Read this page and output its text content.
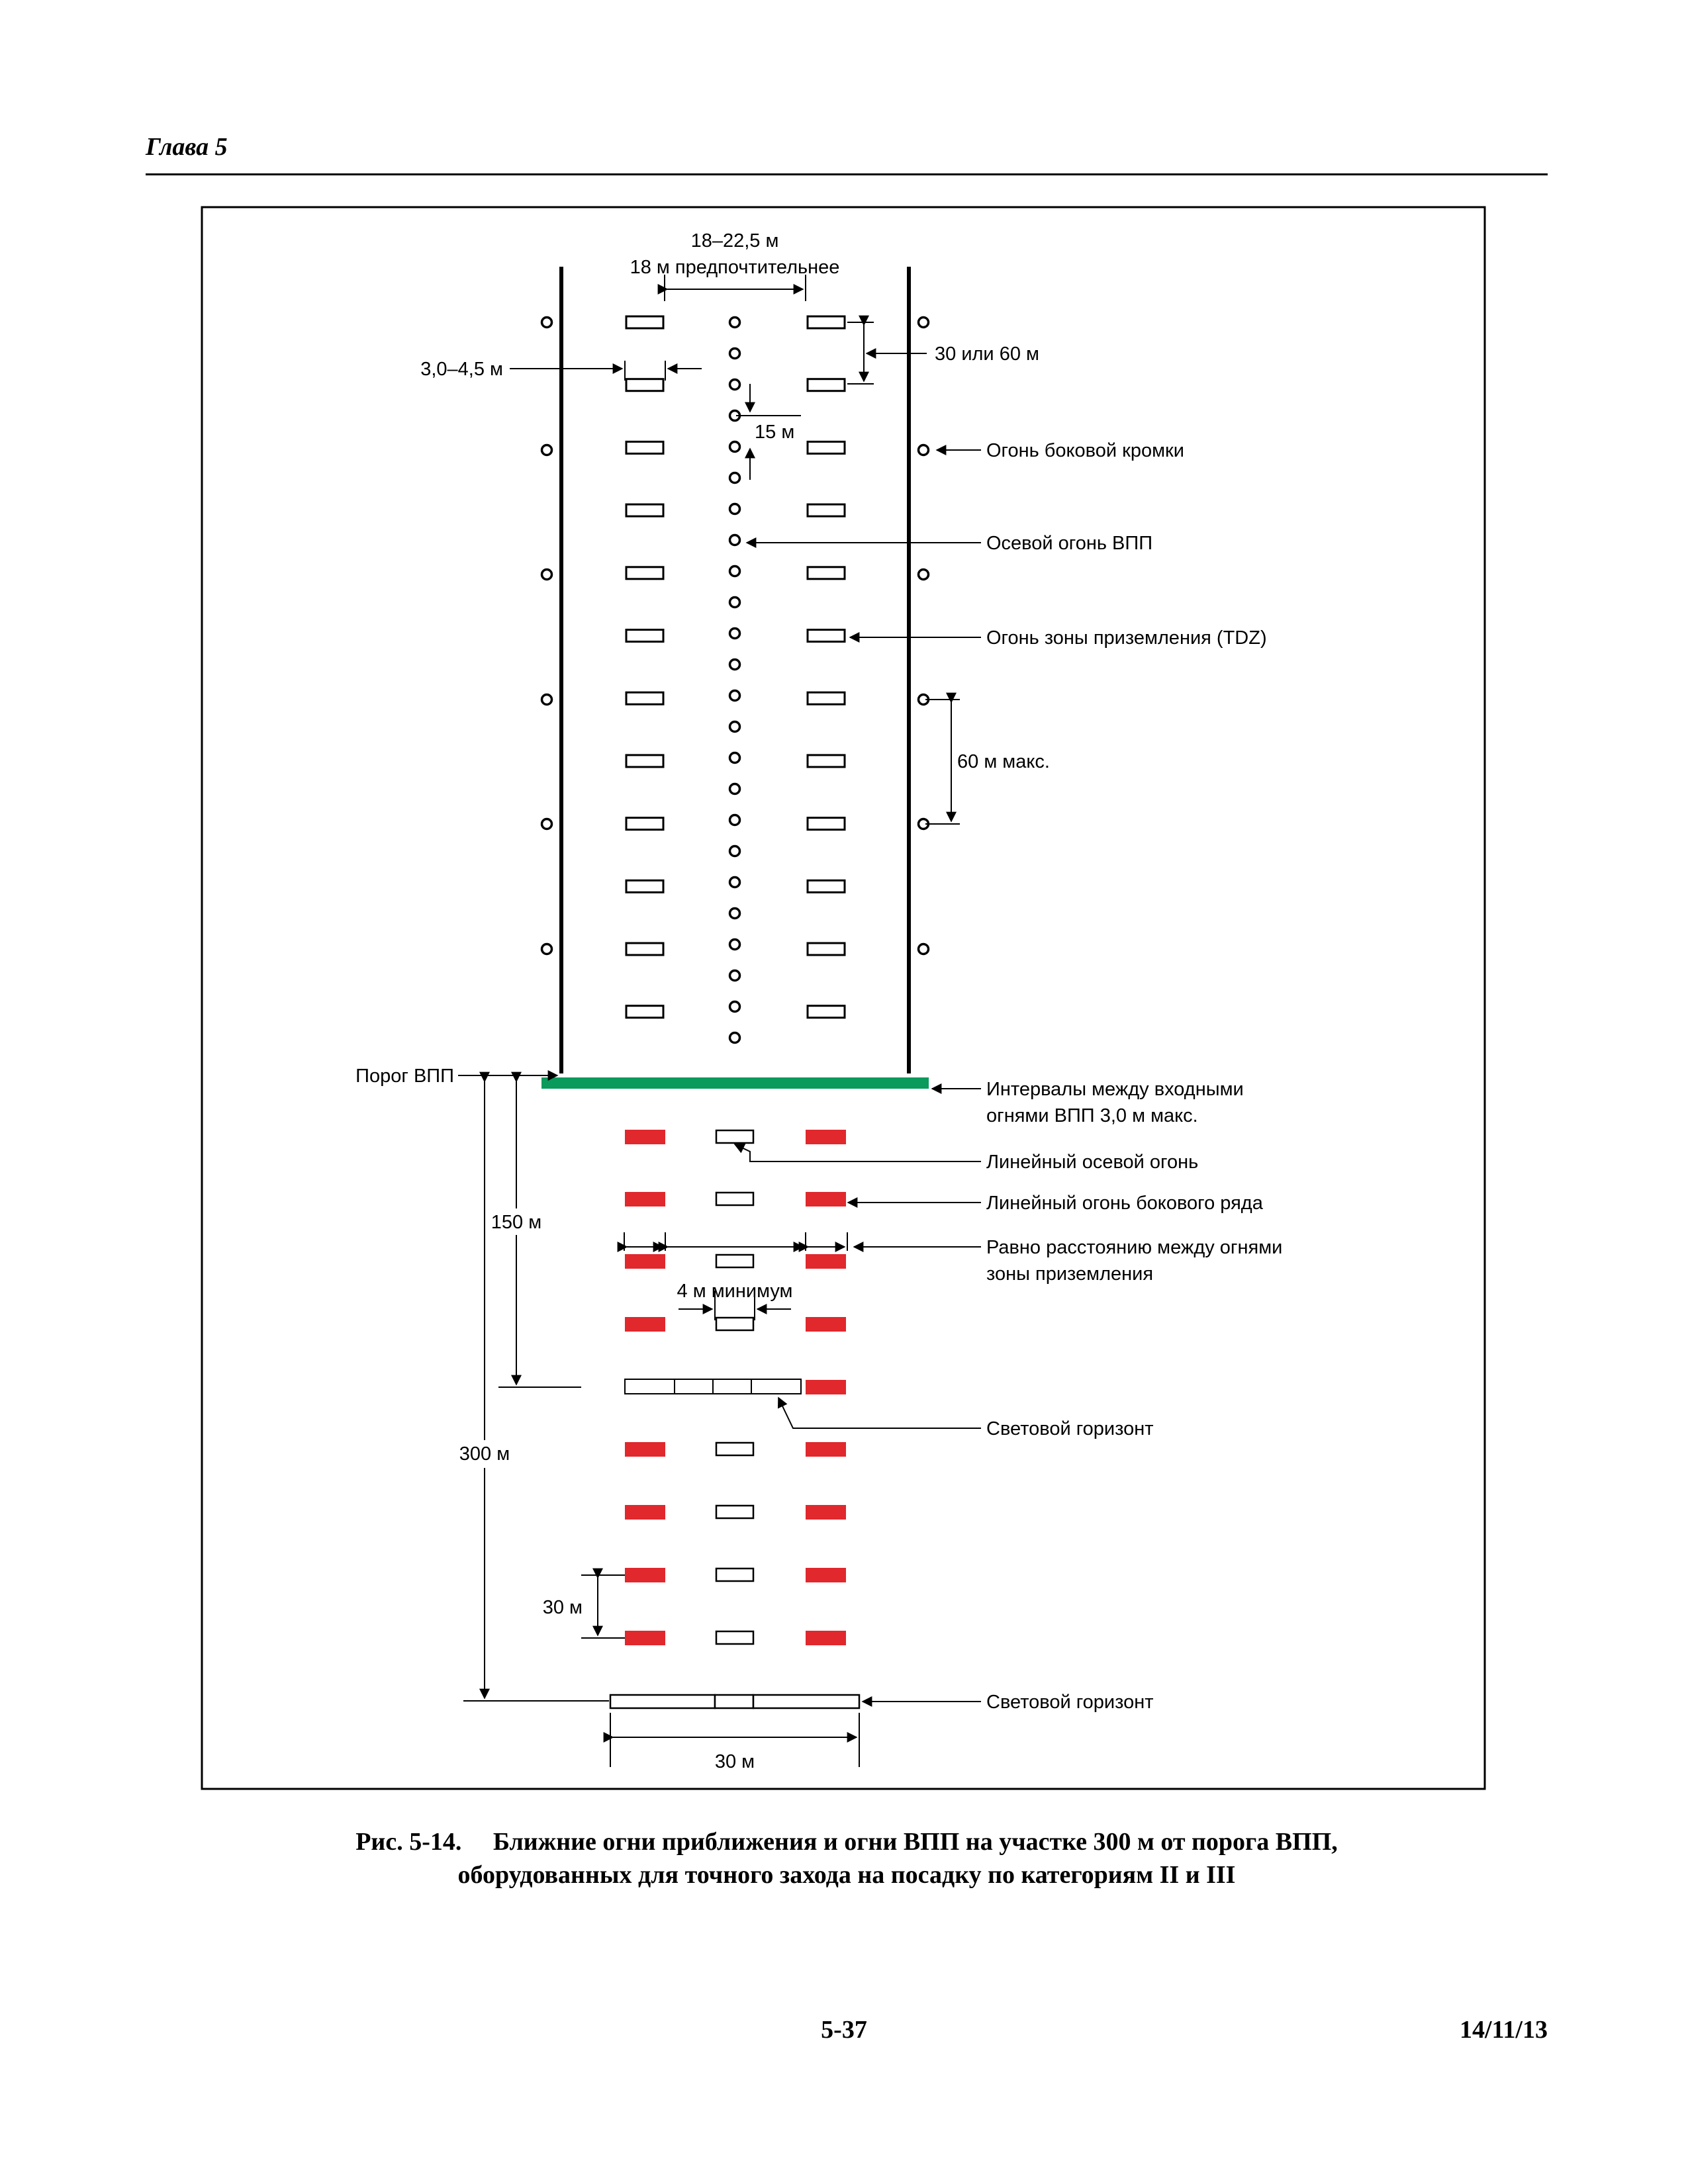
Глава 5
18–22,5 м
18 м предпочтительнее
3,0–4,5 м
30 или 60 м
15 м
Огонь боковой кромки
Осевой огонь ВПП
Огонь зоны приземления (TDZ)
60 м макс.
Порог ВПП
Интервалы между входными
огнями ВПП 3,0 м макс.
Линейный осевой огонь
Линейный огонь бокового ряда
Равно расстоянию между огнями
зоны приземления
4 м минимум
150 м
Световой горизонт
300 м
30 м
Световой горизонт
30 м
Рис. 5-14.     Ближние огни приближения и огни ВПП на участке 300 м от порога ВПП,
оборудованных для точного захода на посадку по категориям II и III
5-37	14/11/13
